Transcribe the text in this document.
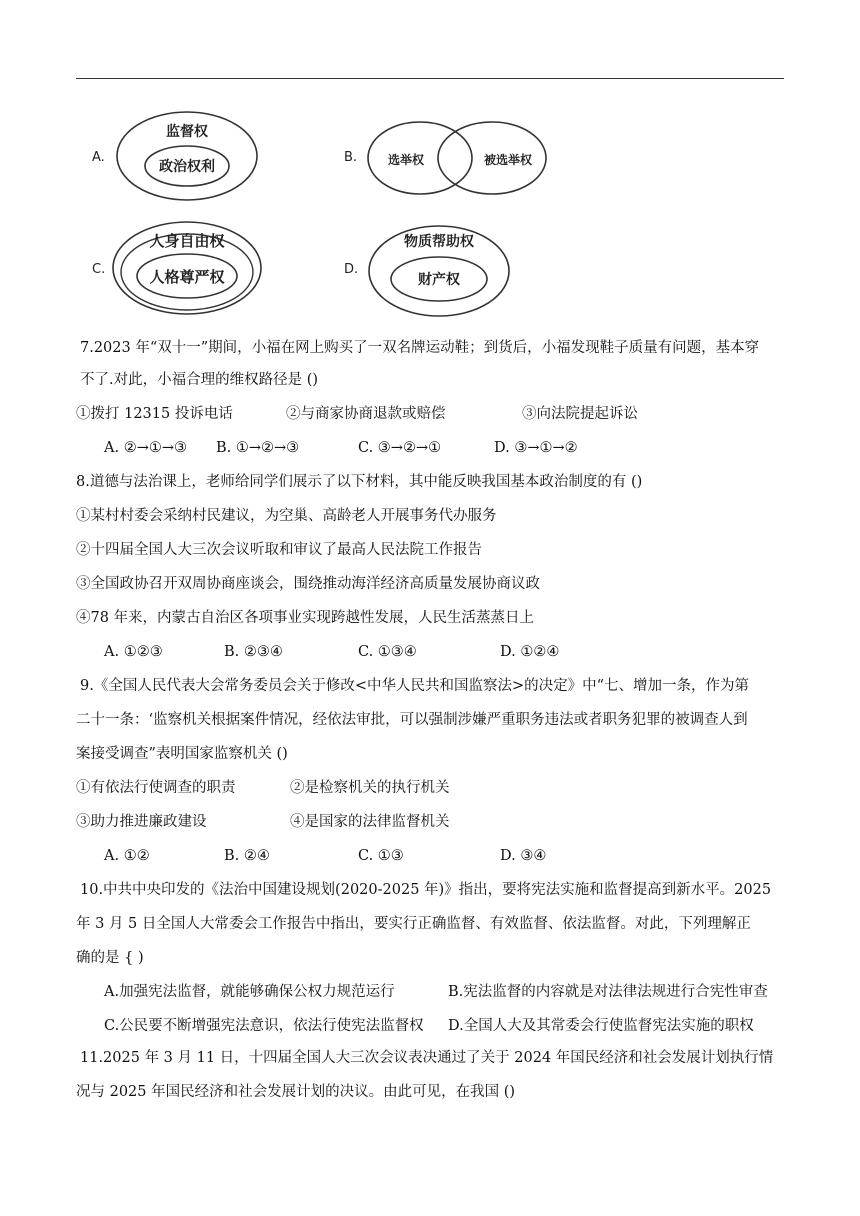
A.
监督权
政治权利
B.	选举权	被选举权
C.
人身自由权
人格尊严权	D.
物质帮助权
财产权
7.2023 年“双十一”期间，小福在网上购买了一双名牌运动鞋；到货后，小福发现鞋子质量有问题，基本穿
不了.对此，小福合理的维权路径是 ()
①拨打 12315 投诉电话	②与商家协商退款或赔偿	③向法院提起诉讼
A. ②→①→③ B. ①→②→③	C. ③→②→①	D. ③→①→②
8.道德与法治课上，老师给同学们展示了以下材料，其中能反映我国基本政治制度的有 ()
①某村村委会采纳村民建议，为空巢、高龄老人开展事务代办服务
②十四届全国人大三次会议听取和审议了最高人民法院工作报告
③全国政协召开双周协商座谈会，围绕推动海洋经济高质量发展协商议政
④78 年来，内蒙古自治区各项事业实现跨越性发展，人民生活蒸蒸日上
A. ①②③	B. ②③④	C. ①③④	D. ①②④
9.《全国人民代表大会常务委员会关于修改<中华人民共和国监察法>的决定》中“七、增加一条，作为第
二十一条：‘监察机关根据案件情况，经依法审批，可以强制涉嫌严重职务违法或者职务犯罪的被调查人到
案接受调查”表明国家监察机关 ()
①有依法行使调查的职责	②是检察机关的执行机关
③助力推进廉政建设	④是国家的法律监督机关
A. ①②	B. ②④	C. ①③	D. ③④
10.中共中央印发的《法治中国建设规划(2020-2025 年)》指出，要将宪法实施和监督提高到新水平。2025
年 3 月 5 日全国人大常委会工作报告中指出，要实行正确监督、有效监督、依法监督。对此，下列理解正
确的是 { )
A.加强宪法监督，就能够确保公权力规范运行	B.宪法监督的内容就是对法律法规进行合宪性审查
C.公民要不断增强宪法意识，依法行使宪法监督权 D.全国人大及其常委会行使监督宪法实施的职权
11.2025 年 3 月 11 日，十四届全国人大三次会议表决通过了关于 2024 年国民经济和社会发展计划执行情
况与 2025 年国民经济和社会发展计划的决议。由此可见，在我国 ()
